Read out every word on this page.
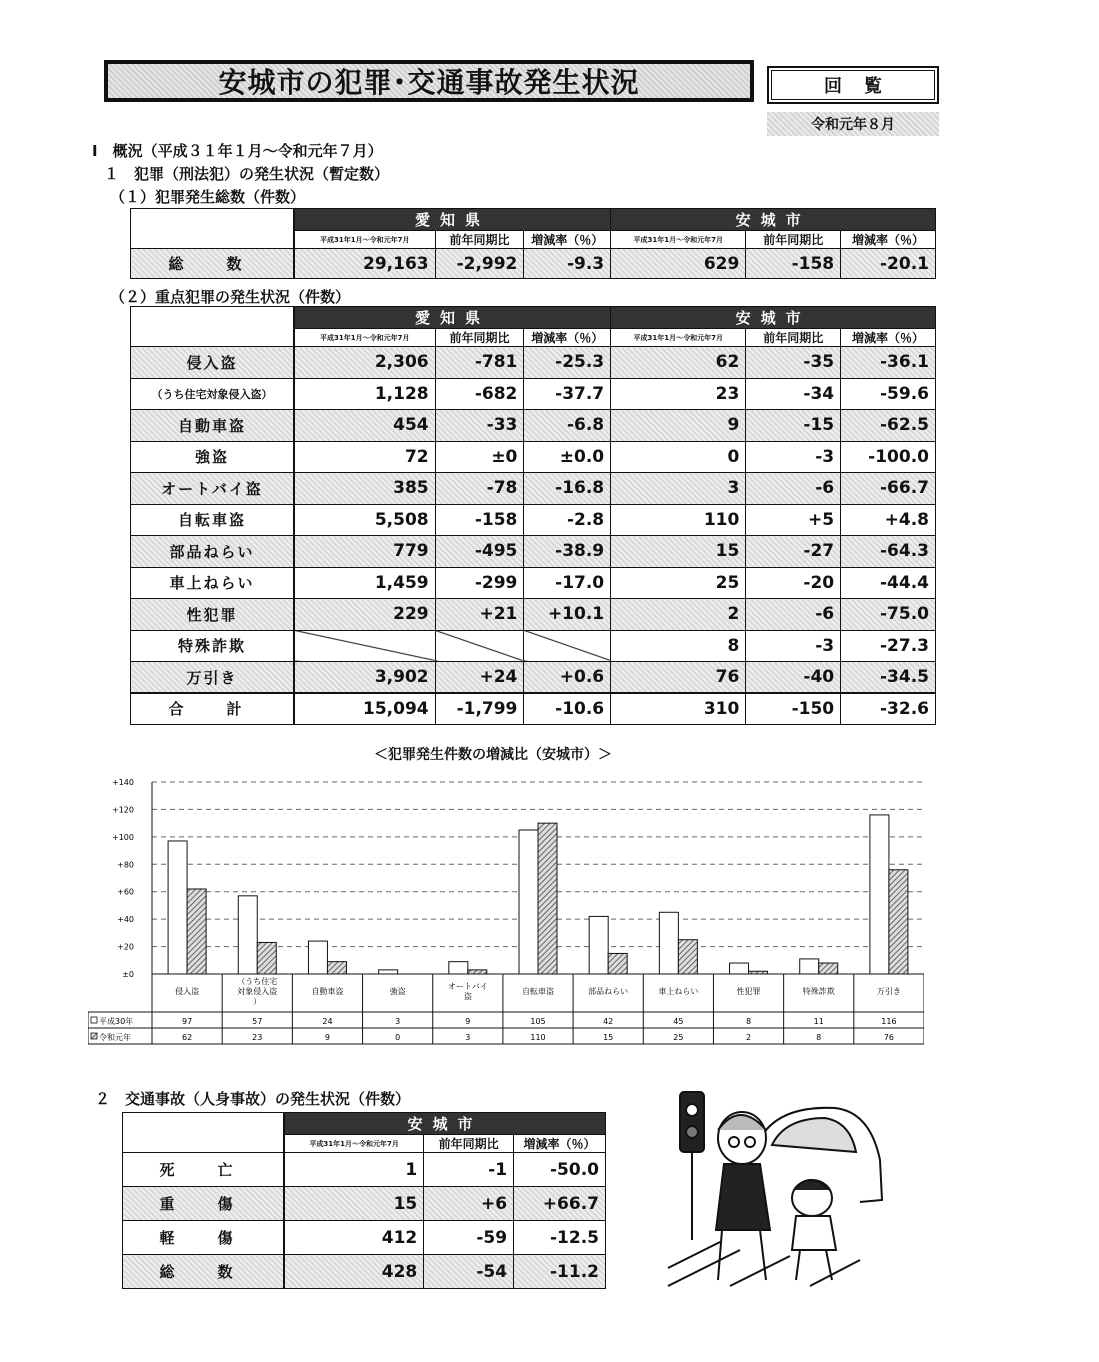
安城市の犯罪･交通事故発生状況	回覧
令和元年８月
Ⅰ　概況（平成３１年１月～令和元年７月）
１　犯罪（刑法犯）の発生状況（暫定数）
（１）犯罪発生総数（件数）
	愛知県			安城市		
	平成31年1月～令和元年7月	前年同期比	増減率（％）	平成31年1月～令和元年7月	前年同期比	増減率（％）
総　数	29,163	-2,992	-9.3	629	-158	-20.1
（２）重点犯罪の発生状況（件数）
	愛知県			安城市		
	平成31年1月～令和元年7月	前年同期比	増減率（％）	平成31年1月～令和元年7月	前年同期比	増減率（％）
侵入盗	2,306	-781	-25.3	62	-35	-36.1
（うち住宅対象侵入盗）	1,128	-682	-37.7	23	-34	-59.6
自動車盗	454	-33	-6.8	9	-15	-62.5
強盗	72	±0	±0.0	0	-3	-100.0
オートバイ盗	385	-78	-16.8	3	-6	-66.7
自転車盗	5,508	-158	-2.8	110	+5	+4.8
部品ねらい	779	-495	-38.9	15	-27	-64.3
車上ねらい	1,459	-299	-17.0	25	-20	-44.4
性犯罪	229	+21	+10.1	2	-6	-75.0
特殊詐欺				8	-3	-27.3
万引き	3,902	+24	+0.6	76	-40	-34.5
合　計	15,094	-1,799	-10.6	310	-150	-32.6
＜犯罪発生件数の増減比（安城市）＞
±0
+20
+40
+60
+80
+100
+120
+140
侵入盗
（うち住宅対象侵入盗）
自動車盗	強盗
オートバイ盗
自転車盗	部品ねらい	車上ねらい	性犯罪	特殊詐欺	万引き
平成30年	97	57	24	3	9	105	42	45	8	11	116
令和元年	62	23	9	0	3	110	15	25	2	8	76
２　交通事故（人身事故）の発生状況（件数）
	安城市		
	平成31年1月～令和元年7月	前年同期比	増減率（％）
死　亡	1	-1	-50.0
重　傷	15	+6	+66.7
軽　傷	412	-59	-12.5
総　数	428	-54	-11.2
